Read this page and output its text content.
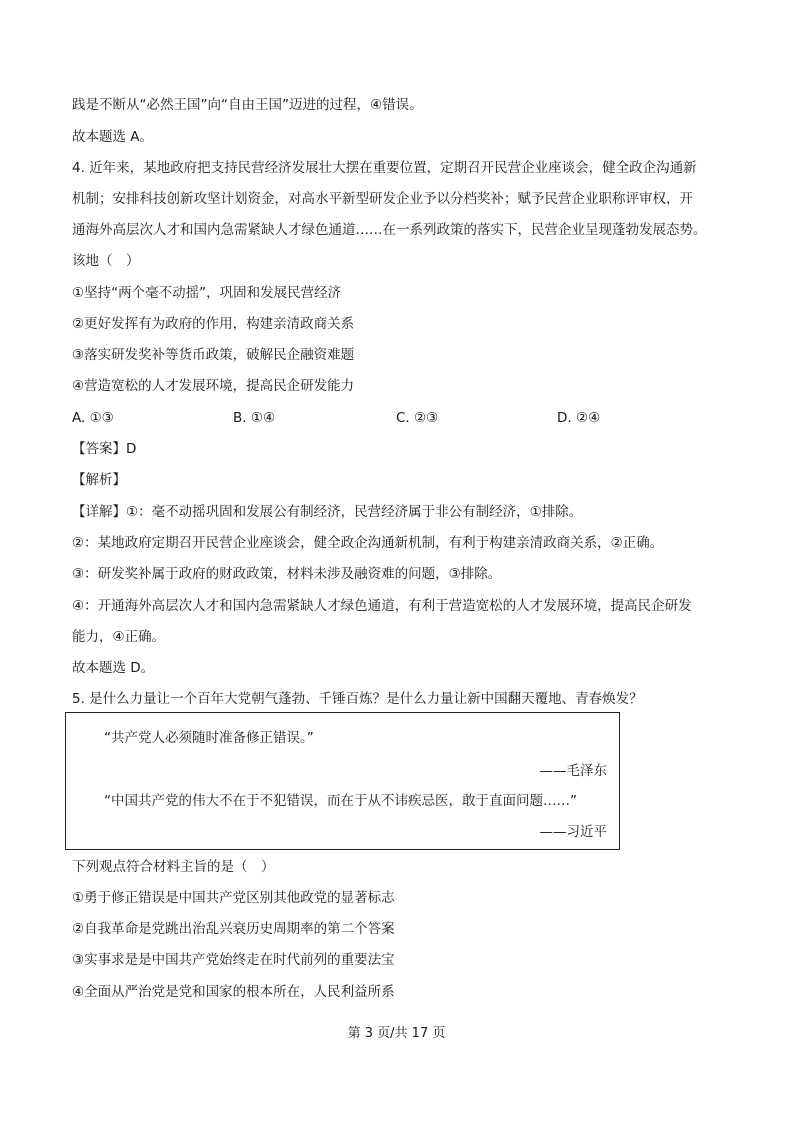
践是不断从“必然王国”向“自由王国”迈进的过程，④错误。
故本题选 A。
4. 近年来，某地政府把支持民营经济发展壮大摆在重要位置，定期召开民营企业座谈会，健全政企沟通新
机制；安排科技创新攻坚计划资金，对高水平新型研发企业予以分档奖补；赋予民营企业职称评审权，开
通海外高层次人才和国内急需紧缺人才绿色通道……在一系列政策的落实下，民营企业呈现蓬勃发展态势。
该地（　）
①坚持“两个毫不动摇”，巩固和发展民营经济
②更好发挥有为政府的作用，构建亲清政商关系
③落实研发奖补等货币政策，破解民企融资难题
④营造宽松的人才发展环境，提高民企研发能力
A. ①③	B. ①④	C. ②③	D. ②④
【答案】D
【解析】
【详解】①：毫不动摇巩固和发展公有制经济，民营经济属于非公有制经济，①排除。
②：某地政府定期召开民营企业座谈会，健全政企沟通新机制，有利于构建亲清政商关系，②正确。
③：研发奖补属于政府的财政政策，材料未涉及融资难的问题，③排除。
④：开通海外高层次人才和国内急需紧缺人才绿色通道，有利于营造宽松的人才发展环境，提高民企研发
能力，④正确。
故本题选 D。
5. 是什么力量让一个百年大党朝气蓬勃、千锤百炼？是什么力量让新中国翻天覆地、青春焕发？
“共产党人必须随时准备修正错误。”
——毛泽东
“中国共产党的伟大不在于不犯错误，而在于从不讳疾忌医，敢于直面问题……”
——习近平
下列观点符合材料主旨的是（　）
①勇于修正错误是中国共产党区别其他政党的显著标志
②自我革命是党跳出治乱兴衰历史周期率的第二个答案
③实事求是是中国共产党始终走在时代前列的重要法宝
④全面从严治党是党和国家的根本所在，人民利益所系
第 3 页/共 17 页
